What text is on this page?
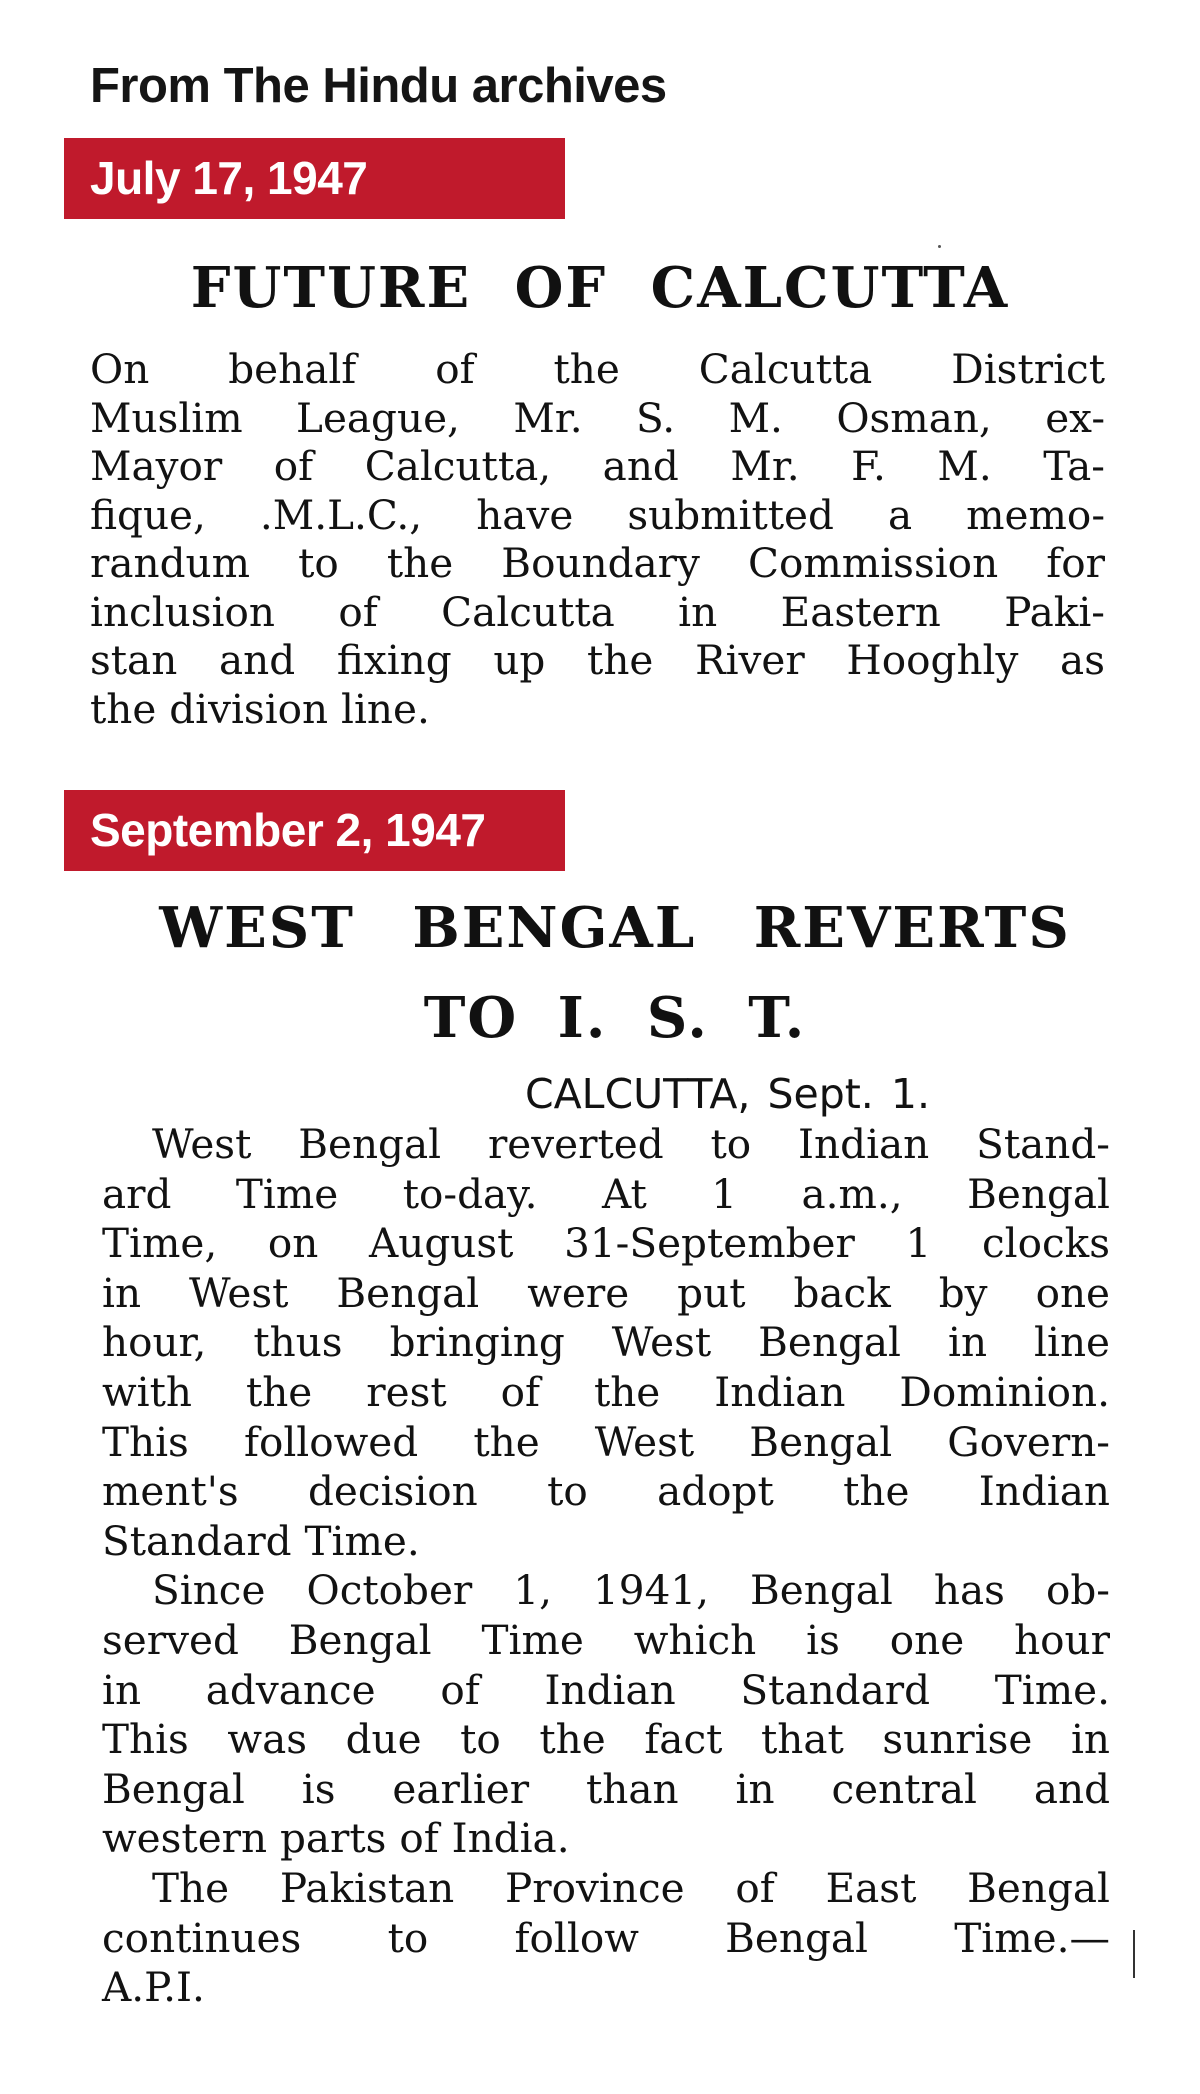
From The Hindu archives
July 17, 1947
FUTURE OF CALCUTTA
On behalf of the Calcutta District
Muslim League, Mr. S. M. Osman, ex-
Mayor of Calcutta, and Mr. F. M. Ta-
fique, .M.L.C., have submitted a memo-
randum to the Boundary Commission for
inclusion of Calcutta in Eastern Paki-
stan and fixing up the River Hooghly as
the division line.
September 2, 1947
WEST BENGAL REVERTS
TO I. S. T.
CALCUTTA, Sept. 1.
West Bengal reverted to Indian Stand-
ard Time to-day. At 1 a.m., Bengal
Time, on August 31-September 1 clocks
in West Bengal were put back by one
hour, thus bringing West Bengal in line
with the rest of the Indian Dominion.
This followed the West Bengal Govern-
ment's decision to adopt the Indian
Standard Time.
Since October 1, 1941, Bengal has ob-
served Bengal Time which is one hour
in advance of Indian Standard Time.
This was due to the fact that sunrise in
Bengal is earlier than in central and
western parts of India.
The Pakistan Province of East Bengal
continues to follow Bengal Time.—
A.P.I.
